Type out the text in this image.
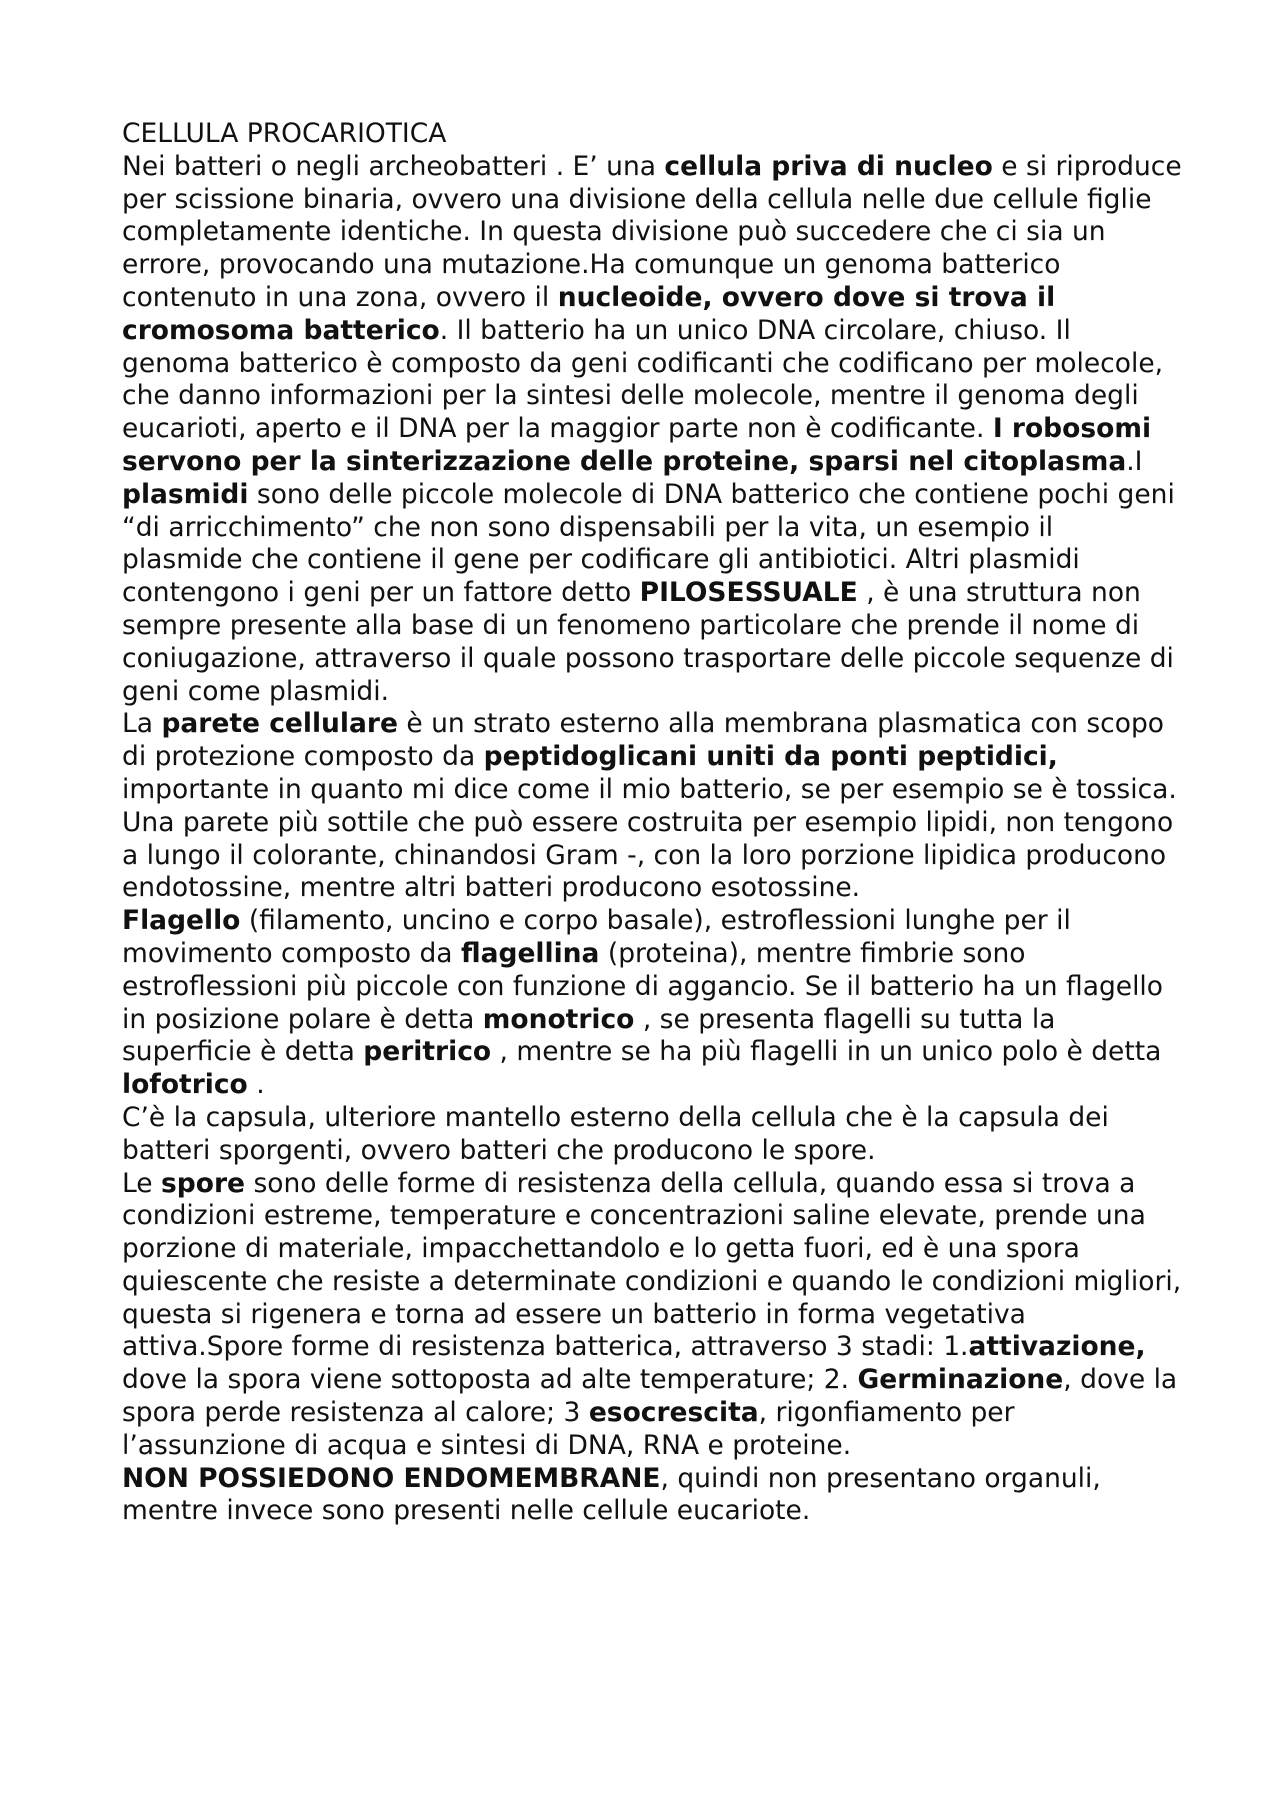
CELLULA PROCARIOTICA

Nei batteri o negli archeobatteri . E’ una cellula priva di nucleo e si riproduce per scissione binaria, ovvero una divisione della cellula nelle due cellule figlie completamente identiche. In questa divisione può succedere che ci sia un errore, provocando una mutazione.Ha comunque un genoma batterico contenuto in una zona, ovvero il nucleoide, ovvero dove si trova il cromosoma batterico. Il batterio ha un unico DNA circolare, chiuso. Il genoma batterico è composto da geni codificanti che codificano per molecole, che danno informazioni per la sintesi delle molecole, mentre il genoma degli eucarioti, aperto e il DNA per la maggior parte non è codificante. I robosomi servono per la sinterizzazione delle proteine, sparsi nel citoplasma.I plasmidi sono delle piccole molecole di DNA batterico che contiene pochi geni “di arricchimento” che non sono dispensabili per la vita, un esempio il plasmide che contiene il gene per codificare gli antibiotici. Altri plasmidi contengono i geni per un fattore detto PILOSESSUALE , è una struttura non sempre presente alla base di un fenomeno particolare che prende il nome di coniugazione, attraverso il quale possono trasportare delle piccole sequenze di geni come plasmidi.

La parete cellulare è un strato esterno alla membrana plasmatica con scopo di protezione composto da peptidoglicani uniti da ponti peptidici, importante in quanto mi dice come il mio batterio, se per esempio se è tossica. Una parete più sottile che può essere costruita per esempio lipidi, non tengono a lungo il colorante, chinandosi Gram -, con la loro porzione lipidica producono endotossine, mentre altri batteri producono esotossine.

Flagello (filamento, uncino e corpo basale), estroflessioni lunghe per il movimento composto da flagellina (proteina), mentre fimbrie sono estroflessioni più piccole con funzione di aggancio. Se il batterio ha un flagello in posizione polare è detta monotrico , se presenta flagelli su tutta la superficie è detta peritrico , mentre se ha più flagelli in un unico polo è detta lofotrico .

C’è la capsula, ulteriore mantello esterno della cellula che è la capsula dei batteri sporgenti, ovvero batteri che producono le spore.

Le spore sono delle forme di resistenza della cellula, quando essa si trova a condizioni estreme, temperature e concentrazioni saline elevate, prende una porzione di materiale, impacchettandolo e lo getta fuori, ed è una spora quiescente che resiste a determinate condizioni e quando le condizioni migliori, questa si rigenera e torna ad essere un batterio in forma vegetativa attiva.Spore forme di resistenza batterica, attraverso 3 stadi: 1.attivazione, dove la spora viene sottoposta ad alte temperature; 2. Germinazione, dove la spora perde resistenza al calore; 3 esocrescita, rigonfiamento per l’assunzione di acqua e sintesi di DNA, RNA e proteine.

NON POSSIEDONO ENDOMEMBRANE, quindi non presentano organuli, mentre invece sono presenti nelle cellule eucariote.
